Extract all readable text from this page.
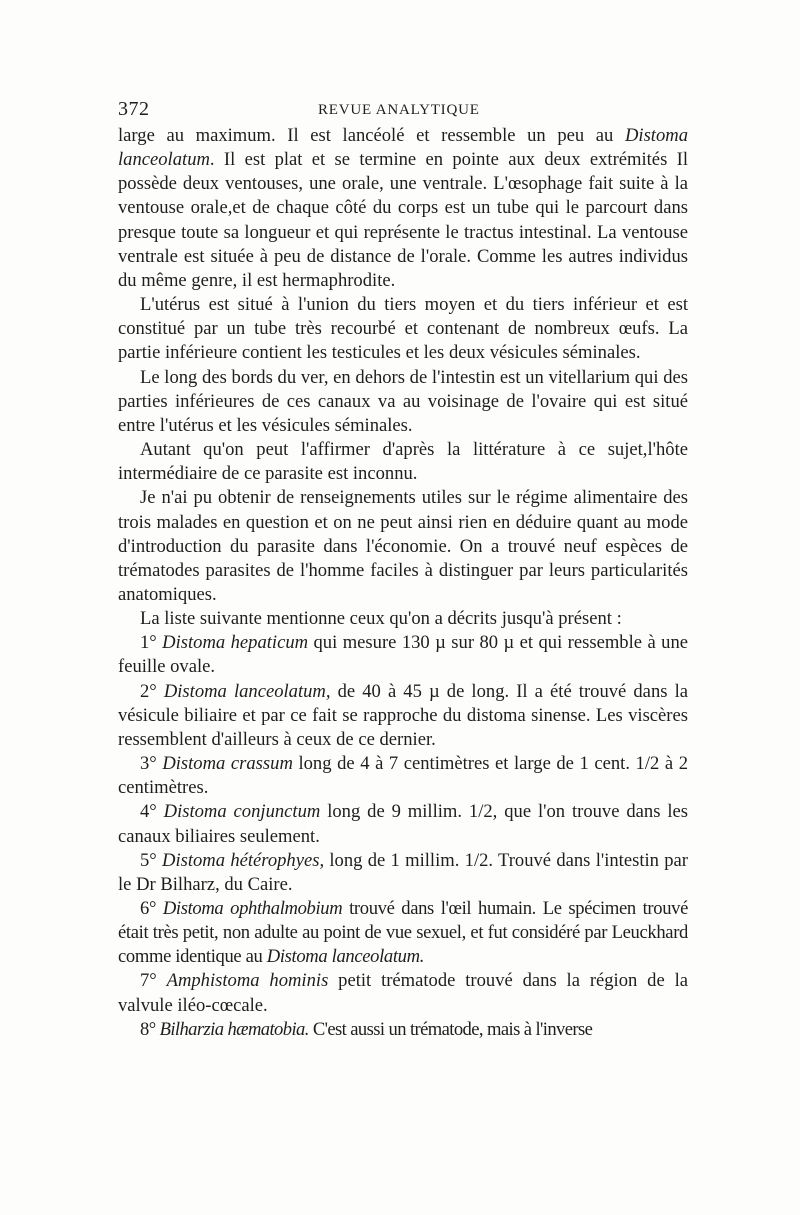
372	REVUE ANALYTIQUE

large au maximum. Il est lancéolé et ressemble un peu au Distoma lanceolatum. Il est plat et se termine en pointe aux deux extrémités Il possède deux ventouses, une orale, une ventrale. L'œsophage fait suite à la ventouse orale,et de chaque côté du corps est un tube qui le parcourt dans presque toute sa longueur et qui représente le tractus intestinal. La ventouse ventrale est située à peu de distance de l'orale. Comme les autres individus du même genre, il est hermaphrodite.

L'utérus est situé à l'union du tiers moyen et du tiers inférieur et est constitué par un tube très recourbé et contenant de nombreux œufs. La partie inférieure contient les testicules et les deux vésicules séminales.

Le long des bords du ver, en dehors de l'intestin est un vitellarium qui des parties inférieures de ces canaux va au voisinage de l'ovaire qui est situé entre l'utérus et les vésicules séminales.

Autant qu'on peut l'affirmer d'après la littérature à ce sujet,l'hôte intermédiaire de ce parasite est inconnu.

Je n'ai pu obtenir de renseignements utiles sur le régime alimentaire des trois malades en question et on ne peut ainsi rien en déduire quant au mode d'introduction du parasite dans l'économie. On a trouvé neuf espèces de trématodes parasites de l'homme faciles à distinguer par leurs particularités anatomiques.

La liste suivante mentionne ceux qu'on a décrits jusqu'à présent :

1° Distoma hepaticum qui mesure 130 µ sur 80 µ et qui ressemble à une feuille ovale.

2° Distoma lanceolatum, de 40 à 45 µ de long. Il a été trouvé dans la vésicule biliaire et par ce fait se rapproche du distoma sinense. Les viscères ressemblent d'ailleurs à ceux de ce dernier.

3° Distoma crassum long de 4 à 7 centimètres et large de 1 cent. 1/2 à 2 centimètres.

4° Distoma conjunctum long de 9 millim. 1/2, que l'on trouve dans les canaux biliaires seulement.

5° Distoma hétérophyes, long de 1 millim. 1/2. Trouvé dans l'intestin par le Dr Bilharz, du Caire.

6° Distoma ophthalmobium trouvé dans l'œil humain. Le spécimen trouvé était très petit, non adulte au point de vue sexuel, et fut considéré par Leuckhard comme identique au Distoma lanceolatum.

7° Amphistoma hominis petit trématode trouvé dans la région de la valvule iléo-cœcale.

8° Bilharzia hæmatobia. C'est aussi un trématode, mais à l'inverse
